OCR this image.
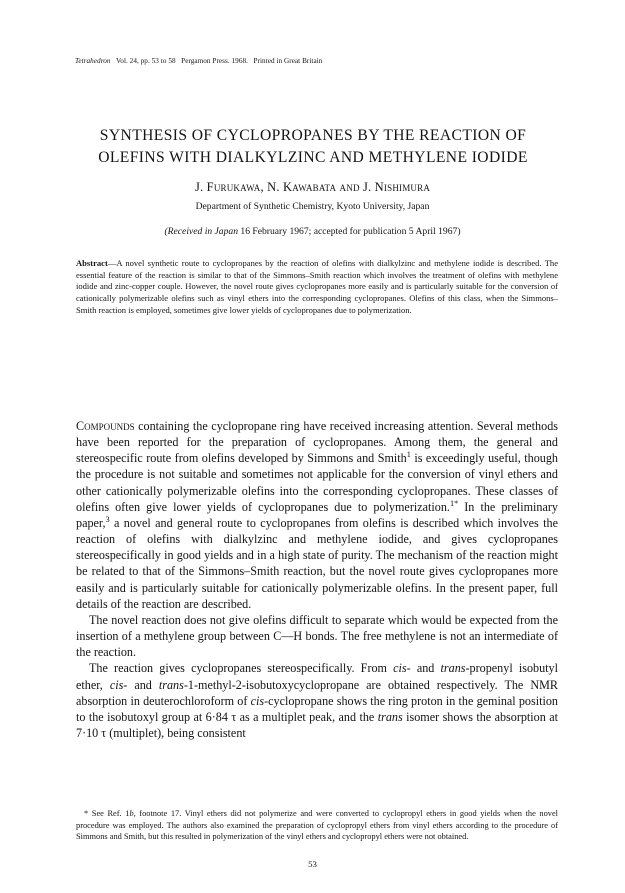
Tetrahedron Vol. 24, pp. 53 to 58 Pergamon Press. 1968. Printed in Great Britain
SYNTHESIS OF CYCLOPROPANES BY THE REACTION OF
OLEFINS WITH DIALKYLZINC AND METHYLENE IODIDE
J. Furukawa, N. Kawabata and J. Nishimura
Department of Synthetic Chemistry, Kyoto University, Japan
(Received in Japan 16 February 1967; accepted for publication 5 April 1967)
Abstract—A novel synthetic route to cyclopropanes by the reaction of olefins with dialkylzinc and methylene iodide is described. The essential feature of the reaction is similar to that of the Simmons–Smith reaction which involves the treatment of olefins with methylene iodide and zinc-copper couple. However, the novel route gives cyclopropanes more easily and is particularly suitable for the conversion of cationically polymerizable olefins such as vinyl ethers into the corresponding cyclopropanes. Olefins of this class, when the Simmons–Smith reaction is employed, sometimes give lower yields of cyclopropanes due to polymerization.

Compounds containing the cyclopropane ring have received increasing attention. Several methods have been reported for the preparation of cyclopropanes. Among them, the general and stereospecific route from olefins developed by Simmons and Smith$^1$ is exceedingly useful, though the procedure is not suitable and sometimes not applicable for the conversion of vinyl ethers and other cationically polymerizable olefins into the corresponding cyclopropanes. These classes of olefins often give lower yields of cyclopropanes due to polymerization.$^{1*}$ In the preliminary paper,$^3$ a novel and general route to cyclopropanes from olefins is described which involves the reaction of olefins with dialkylzinc and methylene iodide, and gives cyclopropanes stereospecifically in good yields and in a high state of purity. The mechanism of the reaction might be related to that of the Simmons–Smith reaction, but the novel route gives cyclopropanes more easily and is particularly suitable for cationically polymerizable olefins. In the present paper, full details of the reaction are described.

The novel reaction does not give olefins difficult to separate which would be expected from the insertion of a methylene group between C—H bonds. The free methylene is not an intermediate of the reaction.

The reaction gives cyclopropanes stereospecifically. From cis- and trans-propenyl isobutyl ether, cis- and trans-1-methyl-2-isobutoxycyclopropane are obtained respectively. The NMR absorption in deuterochloroform of cis-cyclopropane shows the ring proton in the geminal position to the isobutoxyl group at 6·84 τ as a multiplet peak, and the trans isomer shows the absorption at 7·10 τ (multiplet), being consistent

* See Ref. 1b, footnote 17. Vinyl ethers did not polymerize and were converted to cyclopropyl ethers in good yields when the novel procedure was employed. The authors also examined the preparation of cyclopropyl ethers from vinyl ethers according to the procedure of Simmons and Smith, but this resulted in polymerization of the vinyl ethers and cyclopropyl ethers were not obtained.
53
